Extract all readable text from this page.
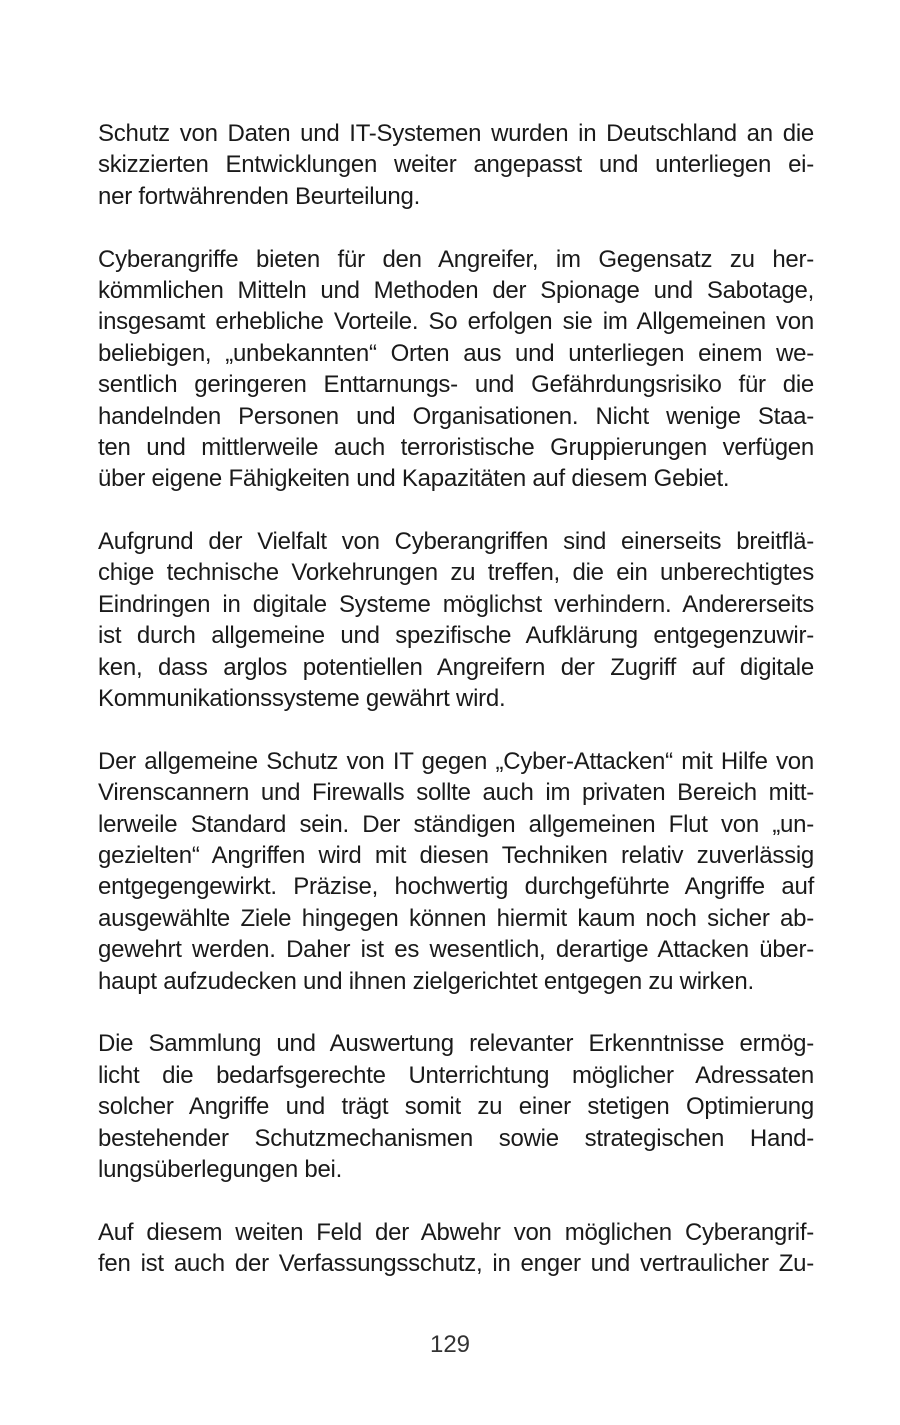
Schutz von Daten und IT-Systemen wurden in Deutschland an die
skizzierten Entwicklungen weiter angepasst und unterliegen ei-
ner fortwährenden Beurteilung.

Cyberangriffe bieten für den Angreifer, im Gegensatz zu her-
kömmlichen Mitteln und Methoden der Spionage und Sabotage,
insgesamt erhebliche Vorteile. So erfolgen sie im Allgemeinen von
beliebigen, „unbekannten“ Orten aus und unterliegen einem we-
sentlich geringeren Enttarnungs- und Gefährdungsrisiko für die
handelnden Personen und Organisationen. Nicht wenige Staa-
ten und mittlerweile auch terroristische Gruppierungen verfügen
über eigene Fähigkeiten und Kapazitäten auf diesem Gebiet.

Aufgrund der Vielfalt von Cyberangriffen sind einerseits breitflä-
chige technische Vorkehrungen zu treffen, die ein unberechtigtes
Eindringen in digitale Systeme möglichst verhindern. Andererseits
ist durch allgemeine und spezifische Aufklärung entgegenzuwir-
ken, dass arglos potentiellen Angreifern der Zugriff auf digitale
Kommunikationssysteme gewährt wird.

Der allgemeine Schutz von IT gegen „Cyber-Attacken“ mit Hilfe von
Virenscannern und Firewalls sollte auch im privaten Bereich mitt-
lerweile Standard sein. Der ständigen allgemeinen Flut von „un-
gezielten“ Angriffen wird mit diesen Techniken relativ zuverlässig
entgegengewirkt. Präzise, hochwertig durchgeführte Angriffe auf
ausgewählte Ziele hingegen können hiermit kaum noch sicher ab-
gewehrt werden. Daher ist es wesentlich, derartige Attacken über-
haupt aufzudecken und ihnen zielgerichtet entgegen zu wirken.

Die Sammlung und Auswertung relevanter Erkenntnisse ermög-
licht die bedarfsgerechte Unterrichtung möglicher Adressaten
solcher Angriffe und trägt somit zu einer stetigen Optimierung
bestehender Schutzmechanismen sowie strategischen Hand-
lungsüberlegungen bei.

Auf diesem weiten Feld der Abwehr von möglichen Cyberangrif-
fen ist auch der Verfassungsschutz, in enger und vertraulicher Zu-

129
